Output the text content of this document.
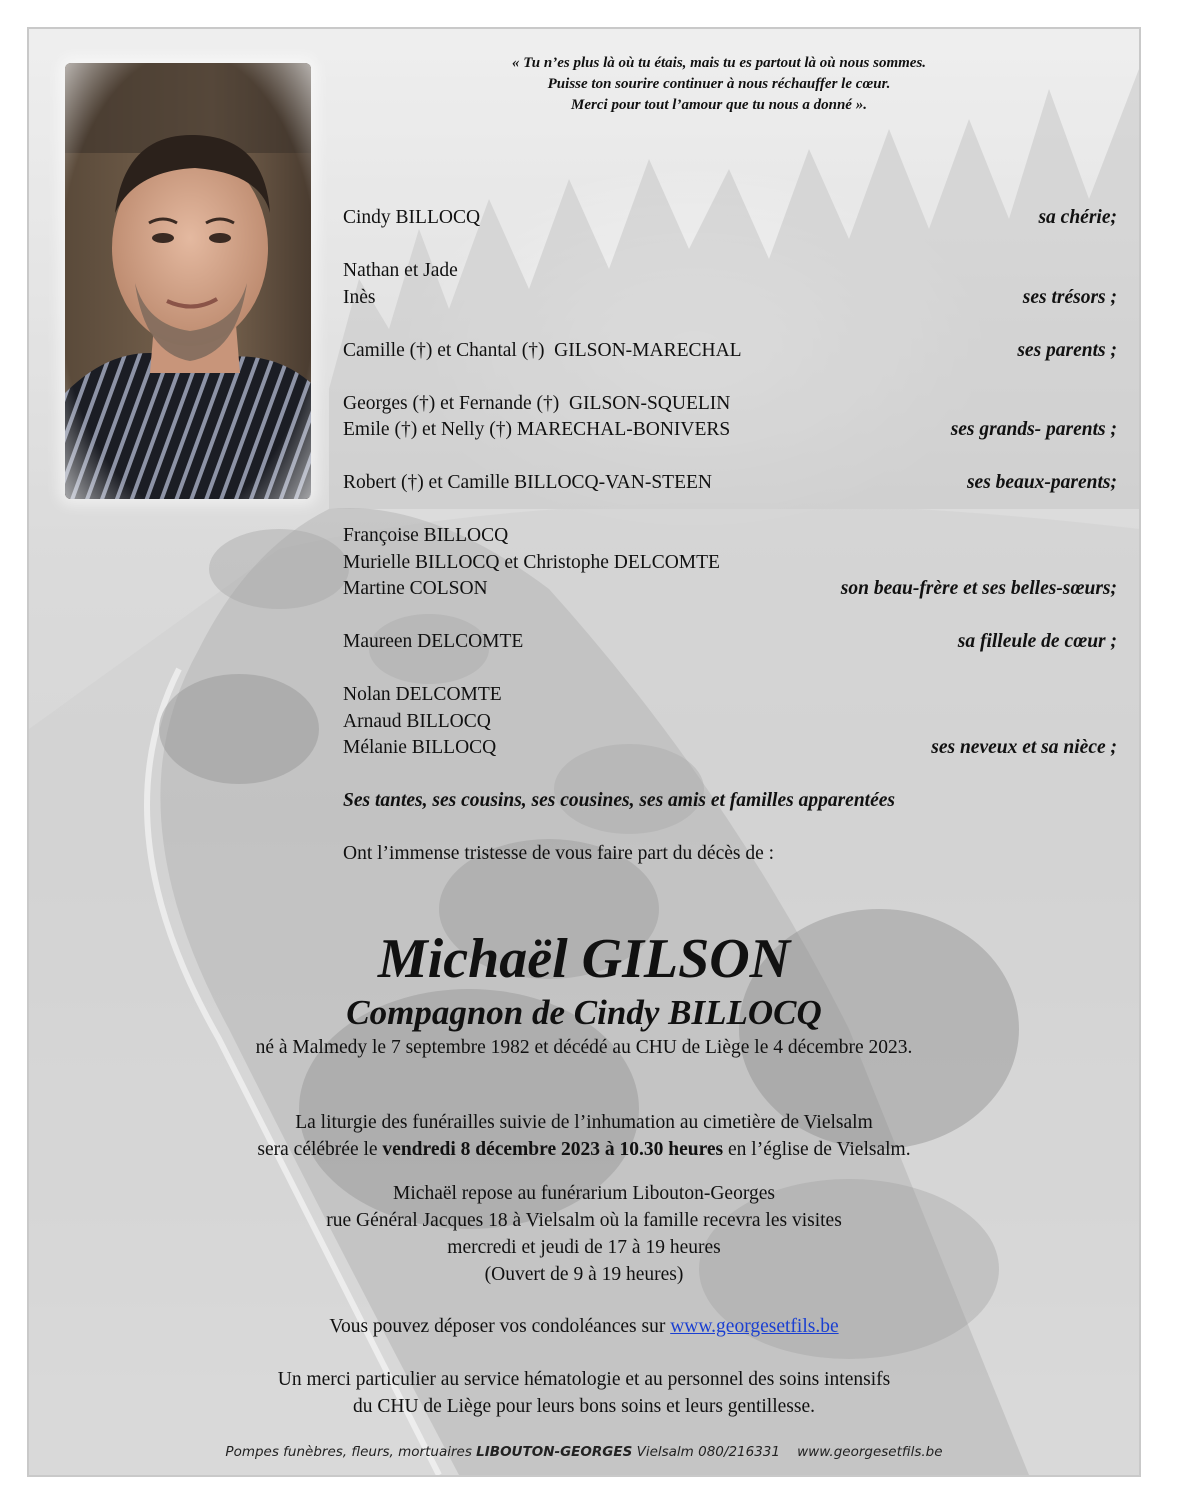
« Tu n’es plus là où tu étais, mais tu es partout là où nous sommes.
Puisse ton sourire continuer à nous réchauffer le cœur.
Merci pour tout l’amour que tu nous a donné ».
Cindy BILLOCQ	sa chérie;
Nathan et Jade
Inès	ses trésors ;
Camille (†) et Chantal (†)  GILSON-MARECHAL	ses parents ;
Georges (†) et Fernande (†)  GILSON-SQUELIN
Emile (†) et Nelly (†) MARECHAL-BONIVERS	ses grands- parents ;
Robert (†) et Camille BILLOCQ-VAN-STEEN	ses beaux-parents;
Françoise BILLOCQ
Murielle BILLOCQ et Christophe DELCOMTE
Martine COLSON	son beau-frère et ses belles-sœurs;
Maureen DELCOMTE	sa filleule de cœur ;
Nolan DELCOMTE
Arnaud BILLOCQ
Mélanie BILLOCQ	ses neveux et sa nièce ;
Ses tantes, ses cousins, ses cousines, ses amis et familles apparentées
Ont l’immense tristesse de vous faire part du décès de :
Michaël GILSON
Compagnon de Cindy BILLOCQ
né à Malmedy le 7 septembre 1982 et décédé au CHU de Liège le 4 décembre 2023.
La liturgie des funérailles suivie de l’inhumation au cimetière de Vielsalm
sera célébrée le vendredi 8 décembre 2023 à 10.30 heures en l’église de Vielsalm.
Michaël repose au funérarium Libouton-Georges
rue Général Jacques 18 à Vielsalm où la famille recevra les visites
mercredi et jeudi de 17 à 19 heures
(Ouvert de 9 à 19 heures)
Vous pouvez déposer vos condoléances sur www.georgesetfils.be
Un merci particulier au service hématologie et au personnel des soins intensifs
du CHU de Liège pour leurs bons soins et leurs gentillesse.
Pompes funèbres, fleurs, mortuaires LIBOUTON-GEORGES Vielsalm 080/216331    www.georgesetfils.be
